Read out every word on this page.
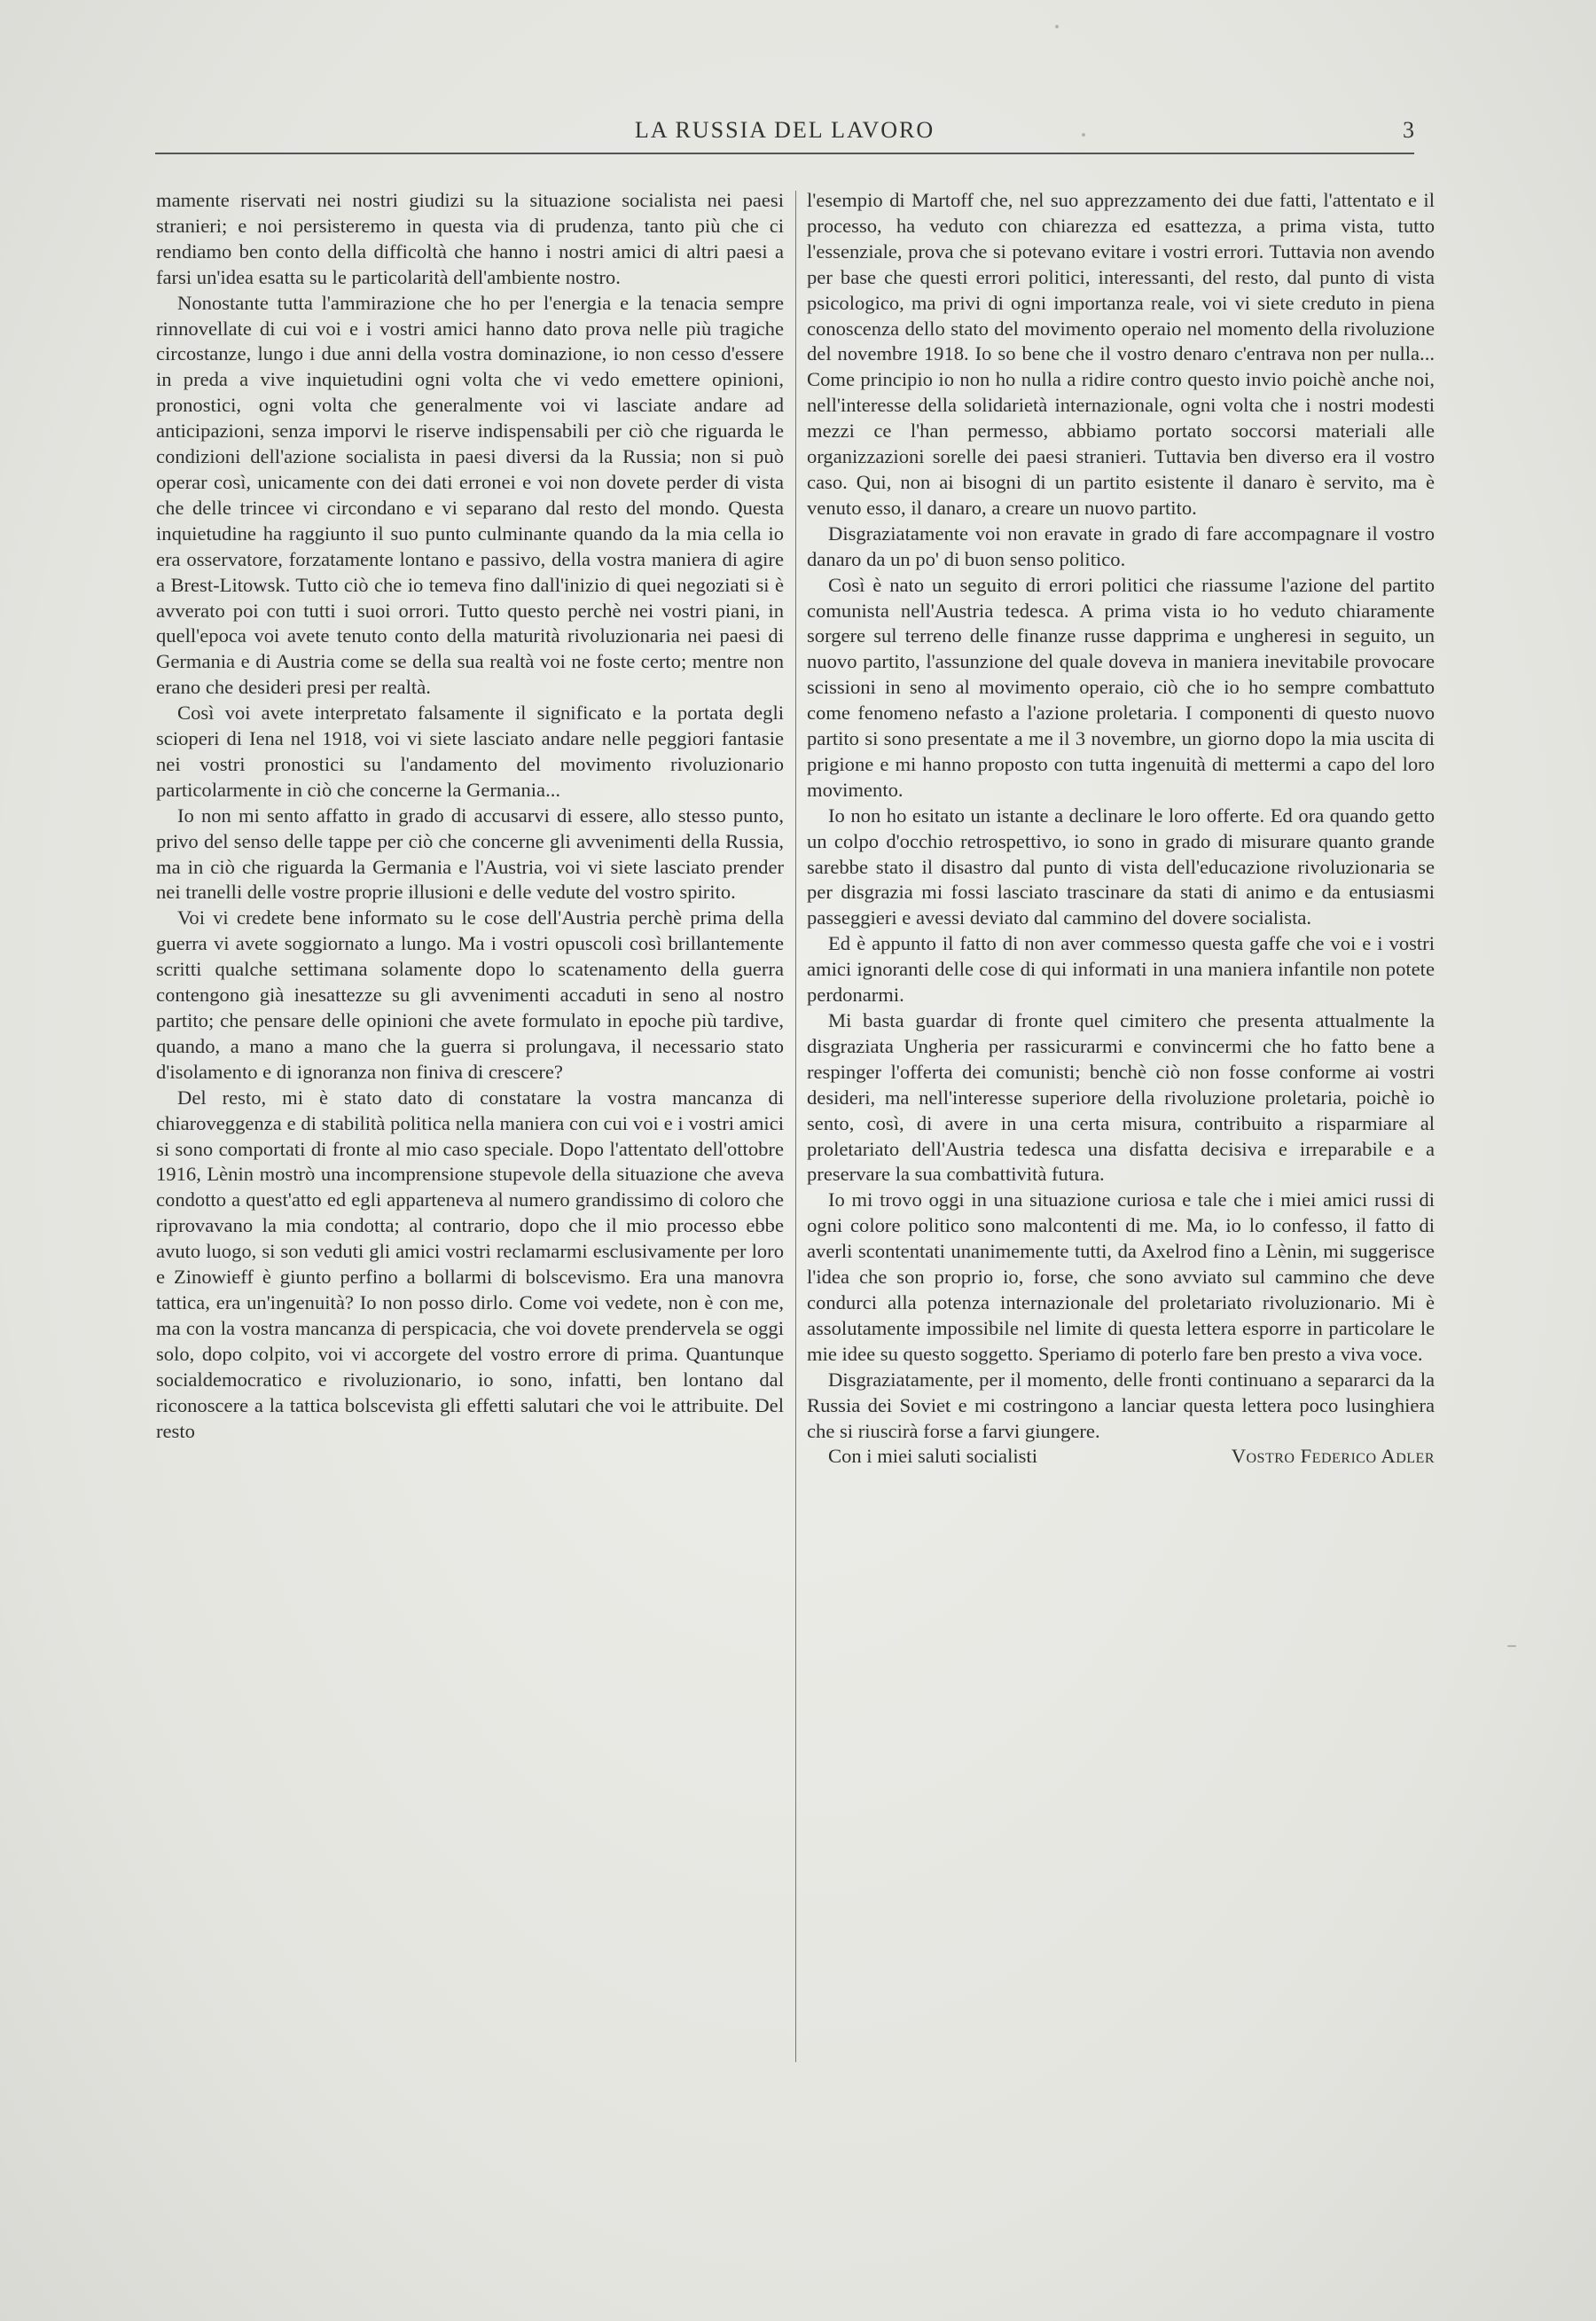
LA RUSSIA DEL LAVORO	3

mamente riservati nei nostri giudizi su la situazione socialista nei paesi stranieri; e noi persisteremo in questa via di prudenza, tanto più che ci rendiamo ben conto della difficoltà che hanno i nostri amici di altri paesi a farsi un'idea esatta su le particolarità dell'ambiente nostro.

Nonostante tutta l'ammirazione che ho per l'energia e la tenacia sempre rinnovellate di cui voi e i vostri amici hanno dato prova nelle più tragiche circostanze, lungo i due anni della vostra dominazione, io non cesso d'essere in preda a vive inquietudini ogni volta che vi vedo emettere opinioni, pronostici, ogni volta che generalmente voi vi lasciate andare ad anticipazioni, senza imporvi le riserve indispensabili per ciò che riguarda le condizioni dell'azione socialista in paesi diversi da la Russia; non si può operar così, unicamente con dei dati erronei e voi non dovete perder di vista che delle trincee vi circondano e vi separano dal resto del mondo. Questa inquietudine ha raggiunto il suo punto culminante quando da la mia cella io era osservatore, forzatamente lontano e passivo, della vostra maniera di agire a Brest-Litowsk. Tutto ciò che io temeva fino dall'inizio di quei negoziati si è avverato poi con tutti i suoi orrori. Tutto questo perchè nei vostri piani, in quell'epoca voi avete tenuto conto della maturità rivoluzionaria nei paesi di Germania e di Austria come se della sua realtà voi ne foste certo; mentre non erano che desideri presi per realtà.

Così voi avete interpretato falsamente il significato e la portata degli scioperi di Iena nel 1918, voi vi siete lasciato andare nelle peggiori fantasie nei vostri pronostici su l'andamento del movimento rivoluzionario particolarmente in ciò che concerne la Germania...

Io non mi sento affatto in grado di accusarvi di essere, allo stesso punto, privo del senso delle tappe per ciò che concerne gli avvenimenti della Russia, ma in ciò che riguarda la Germania e l'Austria, voi vi siete lasciato prender nei tranelli delle vostre proprie illusioni e delle vedute del vostro spirito.

Voi vi credete bene informato su le cose dell'Austria perchè prima della guerra vi avete soggiornato a lungo. Ma i vostri opuscoli così brillantemente scritti qualche settimana solamente dopo lo scatenamento della guerra contengono già inesattezze su gli avvenimenti accaduti in seno al nostro partito; che pensare delle opinioni che avete formulato in epoche più tardive, quando, a mano a mano che la guerra si prolungava, il necessario stato d'isolamento e di ignoranza non finiva di crescere?

Del resto, mi è stato dato di constatare la vostra mancanza di chiaroveggenza e di stabilità politica nella maniera con cui voi e i vostri amici si sono comportati di fronte al mio caso speciale. Dopo l'attentato dell'ottobre 1916, Lènin mostrò una incomprensione stupevole della situazione che aveva condotto a quest'atto ed egli apparteneva al numero grandissimo di coloro che riprovavano la mia condotta; al contrario, dopo che il mio processo ebbe avuto luogo, si son veduti gli amici vostri reclamarmi esclusivamente per loro e Zinowieff è giunto perfino a bollarmi di bolscevismo. Era una manovra tattica, era un'ingenuità? Io non posso dirlo. Come voi vedete, non è con me, ma con la vostra mancanza di perspicacia, che voi dovete prendervela se oggi solo, dopo colpito, voi vi accorgete del vostro errore di prima. Quantunque socialdemocratico e rivoluzionario, io sono, infatti, ben lontano dal riconoscere a la tattica bolscevista gli effetti salutari che voi le attribuite. Del resto

l'esempio di Martoff che, nel suo apprezzamento dei due fatti, l'attentato e il processo, ha veduto con chiarezza ed esattezza, a prima vista, tutto l'essenziale, prova che si potevano evitare i vostri errori. Tuttavia non avendo per base che questi errori politici, interessanti, del resto, dal punto di vista psicologico, ma privi di ogni importanza reale, voi vi siete creduto in piena conoscenza dello stato del movimento operaio nel momento della rivoluzione del novembre 1918. Io so bene che il vostro denaro c'entrava non per nulla... Come principio io non ho nulla a ridire contro questo invio poichè anche noi, nell'interesse della solidarietà internazionale, ogni volta che i nostri modesti mezzi ce l'han permesso, abbiamo portato soccorsi materiali alle organizzazioni sorelle dei paesi stranieri. Tuttavia ben diverso era il vostro caso. Qui, non ai bisogni di un partito esistente il danaro è servito, ma è venuto esso, il danaro, a creare un nuovo partito.

Disgraziatamente voi non eravate in grado di fare accompagnare il vostro danaro da un po' di buon senso politico.

Così è nato un seguito di errori politici che riassume l'azione del partito comunista nell'Austria tedesca. A prima vista io ho veduto chiaramente sorgere sul terreno delle finanze russe dapprima e ungheresi in seguito, un nuovo partito, l'assunzione del quale doveva in maniera inevitabile provocare scissioni in seno al movimento operaio, ciò che io ho sempre combattuto come fenomeno nefasto a l'azione proletaria. I componenti di questo nuovo partito si sono presentate a me il 3 novembre, un giorno dopo la mia uscita di prigione e mi hanno proposto con tutta ingenuità di mettermi a capo del loro movimento.

Io non ho esitato un istante a declinare le loro offerte. Ed ora quando getto un colpo d'occhio retrospettivo, io sono in grado di misurare quanto grande sarebbe stato il disastro dal punto di vista dell'educazione rivoluzionaria se per disgrazia mi fossi lasciato trascinare da stati di animo e da entusiasmi passeggieri e avessi deviato dal cammino del dovere socialista.

Ed è appunto il fatto di non aver commesso questa gaffe che voi e i vostri amici ignoranti delle cose di qui informati in una maniera infantile non potete perdonarmi.

Mi basta guardar di fronte quel cimitero che presenta attualmente la disgraziata Ungheria per rassicurarmi e convincermi che ho fatto bene a respinger l'offerta dei comunisti; benchè ciò non fosse conforme ai vostri desideri, ma nell'interesse superiore della rivoluzione proletaria, poichè io sento, così, di avere in una certa misura, contribuito a risparmiare al proletariato dell'Austria tedesca una disfatta decisiva e irreparabile e a preservare la sua combattività futura.

Io mi trovo oggi in una situazione curiosa e tale che i miei amici russi di ogni colore politico sono malcontenti di me. Ma, io lo confesso, il fatto di averli scontentati unanimemente tutti, da Axelrod fino a Lènin, mi suggerisce l'idea che son proprio io, forse, che sono avviato sul cammino che deve condurci alla potenza internazionale del proletariato rivoluzionario. Mi è assolutamente impossibile nel limite di questa lettera esporre in particolare le mie idee su questo soggetto. Speriamo di poterlo fare ben presto a viva voce.

Disgraziatamente, per il momento, delle fronti continuano a separarci da la Russia dei Soviet e mi costringono a lanciar questa lettera poco lusinghiera che si riuscirà forse a farvi giungere.

Con i miei saluti socialisti	Vostro Federico Adler
